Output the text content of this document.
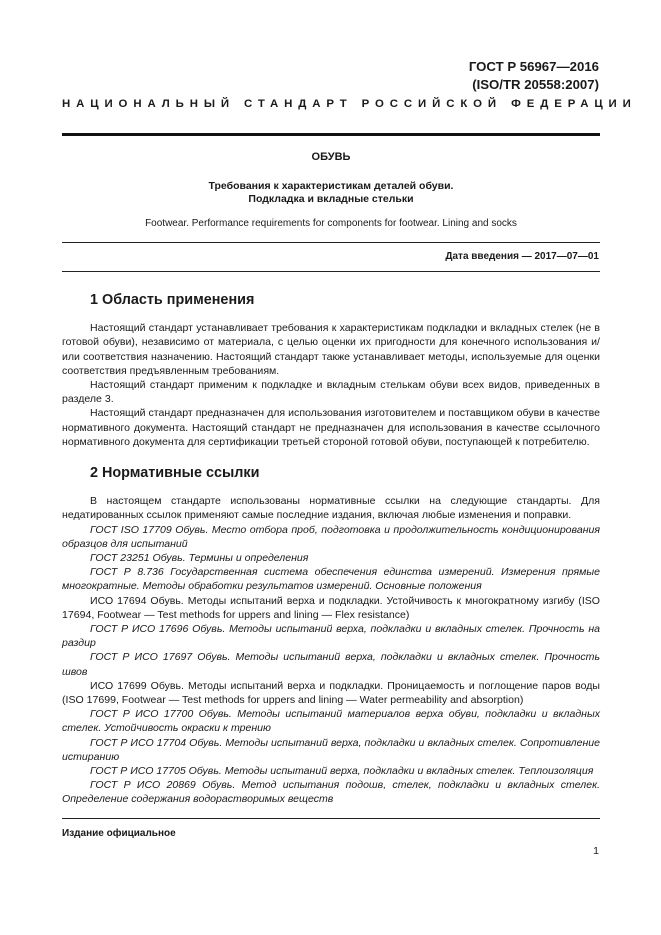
ГОСТ Р 56967—2016
(ISO/TR 20558:2007)
НАЦИОНАЛЬНЫЙ СТАНДАРТ РОССИЙСКОЙ ФЕДЕРАЦИИ
ОБУВЬ
Требования к характеристикам деталей обуви.
Подкладка и вкладные стельки
Footwear. Performance requirements for components for footwear. Lining and socks
Дата введения — 2017—07—01
1 Область применения

Настоящий стандарт устанавливает требования к характеристикам подкладки и вкладных стелек (не в готовой обуви), независимо от материала, с целью оценки их пригодности для конечного использования и/или соответствия назначению. Настоящий стандарт также устанавливает методы, используемые для оценки соответствия предъявленным требованиям.

Настоящий стандарт применим к подкладке и вкладным стелькам обуви всех видов, приведенных в разделе 3.

Настоящий стандарт предназначен для использования изготовителем и поставщиком обуви в качестве нормативного документа. Настоящий стандарт не предназначен для использования в качестве ссылочного нормативного документа для сертификации третьей стороной готовой обуви, поступающей к потребителю.

2 Нормативные ссылки

В настоящем стандарте использованы нормативные ссылки на следующие стандарты. Для недатированных ссылок применяют самые последние издания, включая любые изменения и поправки.

ГОСТ ISO 17709 Обувь. Место отбора проб, подготовка и продолжительность кондиционирования образцов для испытаний

ГОСТ 23251 Обувь. Термины и определения

ГОСТ Р 8.736 Государственная система обеспечения единства измерений. Измерения прямые многократные. Методы обработки результатов измерений. Основные положения

ИСО 17694 Обувь. Методы испытаний верха и подкладки. Устойчивость к многократному изгибу (ISO 17694, Footwear — Test methods for uppers and lining — Flex resistance)

ГОСТ Р ИСО 17696 Обувь. Методы испытаний верха, подкладки и вкладных стелек. Прочность на раздир

ГОСТ Р ИСО 17697 Обувь. Методы испытаний верха, подкладки и вкладных стелек. Прочность швов

ИСО 17699 Обувь. Методы испытаний верха и подкладки. Проницаемость и поглощение паров воды (ISO 17699, Footwear — Test methods for uppers and lining — Water permeability and absorption)

ГОСТ Р ИСО 17700 Обувь. Методы испытаний материалов верха обуви, подкладки и вкладных стелек. Устойчивость окраски к трению

ГОСТ Р ИСО 17704 Обувь. Методы испытаний верха, подкладки и вкладных стелек. Сопротивление истиранию

ГОСТ Р ИСО 17705 Обувь. Методы испытаний верха, подкладки и вкладных стелек. Теплоизоляция

ГОСТ Р ИСО 20869 Обувь. Метод испытания подошв, стелек, подкладки и вкладных стелек. Определение содержания водорастворимых веществ

Издание официальное
1
